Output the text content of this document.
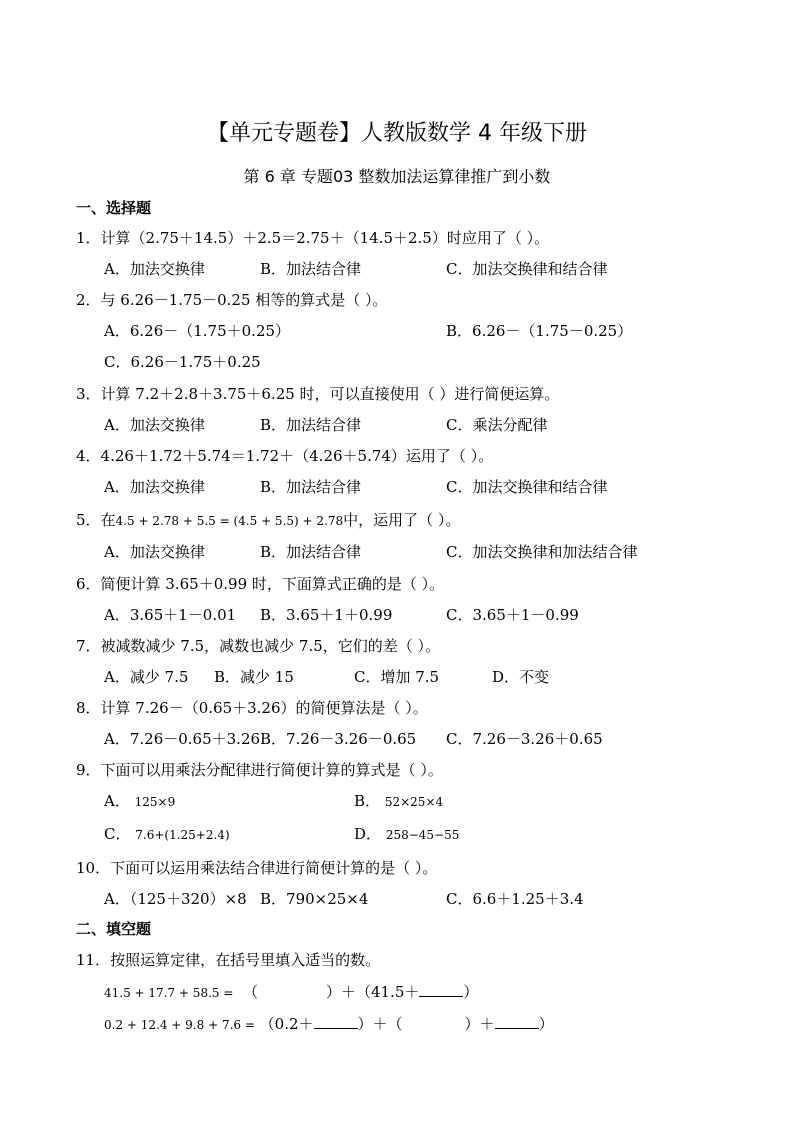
【单元专题卷】人教版数学 4 年级下册
第 6 章 专题03 整数加法运算律推广到小数
一、选择题
1．计算（2.75＋14.5）＋2.5＝2.75＋（14.5＋2.5）时应用了（ ）。
A．加法交换律	B．加法结合律	C．加法交换律和结合律
2．与 6.26－1.75－0.25 相等的算式是（ ）。
A．6.26－（1.75＋0.25）	B．6.26－（1.75－0.25）
C．6.26－1.75＋0.25
3．计算 7.2＋2.8＋3.75＋6.25 时，可以直接使用（ ）进行简便运算。
A．加法交换律	B．加法结合律	C．乘法分配律
4．4.26＋1.72＋5.74＝1.72＋（4.26＋5.74）运用了（ ）。
A．加法交换律	B．加法结合律	C．加法交换律和结合律
5．在4.5 + 2.78 + 5.5 = (4.5 + 5.5) + 2.78中，运用了（ ）。
A．加法交换律	B．加法结合律	C．加法交换律和加法结合律
6．简便计算 3.65＋0.99 时，下面算式正确的是（ ）。
A．3.65＋1－0.01 B．3.65＋1＋0.99	C．3.65＋1－0.99
7．被减数减少 7.5，减数也减少 7.5，它们的差（ ）。
A．减少 7.5 B．减少 15	C．增加 7.5	D．不变
8．计算 7.26－（0.65＋3.26）的简便算法是（ ）。
A．7.26－0.65＋3.26 B．7.26－3.26－0.65 C．7.26－3.26＋0.65
9．下面可以用乘法分配律进行简便计算的算式是（ ）。
A． 125×9	B． 52×25×4
C． 7.6+(1.25+2.4)	D． 258−45−55
10．下面可以运用乘法结合律进行简便计算的是（ ）。
A．（125＋320）×8 B．790×25×4	C．6.6＋1.25＋3.4
二、填空题
11．按照运算定律，在括号里填入适当的数。
41.5 + 17.7 + 58.5 = （	）＋（41.5＋	）
0.2 + 12.4 + 9.8 + 7.6 = （0.2＋	）＋（	）＋	）
